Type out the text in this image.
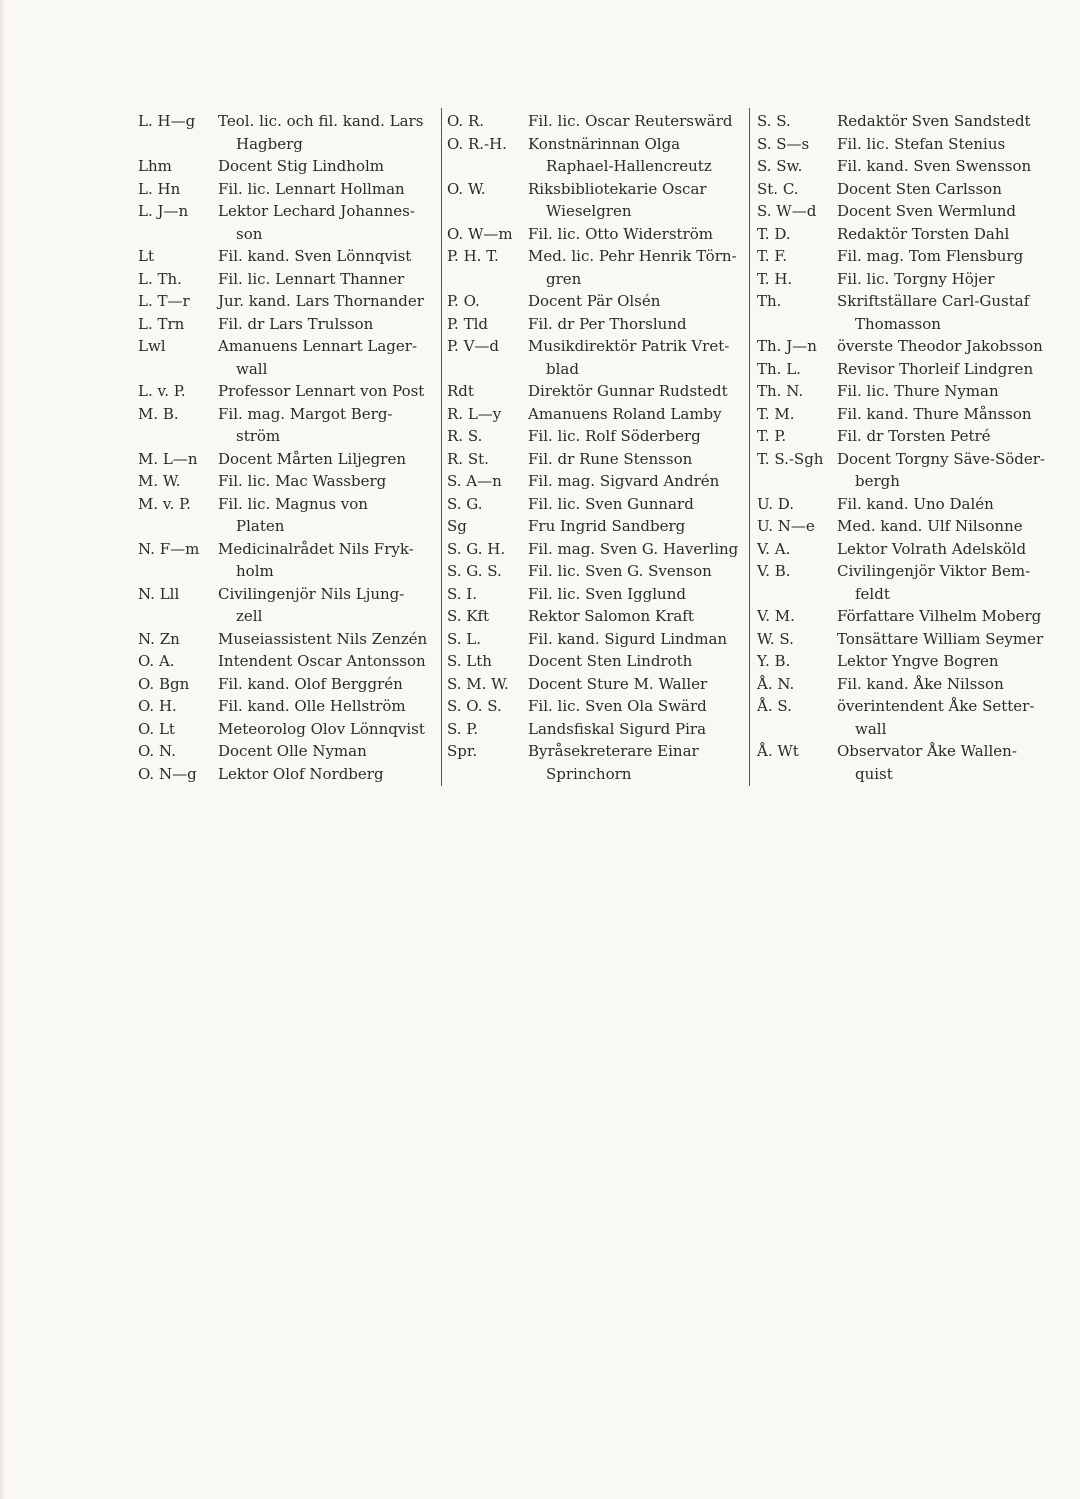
L. H—g	Teol. lic. och fil. kand. Lars
Hagberg
Lhm	Docent Stig Lindholm
L. Hn	Fil. lic. Lennart Hollman
L. J—n	Lektor Lechard Johannes-
son
Lt	Fil. kand. Sven Lönnqvist
L. Th.	Fil. lic. Lennart Thanner
L. T—r	Jur. kand. Lars Thornander
L. Trn	Fil. dr Lars Trulsson
Lwl	Amanuens Lennart Lager-
wall
L. v. P.	Professor Lennart von Post
M. B.	Fil. mag. Margot Berg-
ström
M. L—n	Docent Mårten Liljegren
M. W.	Fil. lic. Mac Wassberg
M. v. P.	Fil. lic. Magnus von
Platen
N. F—m	Medicinalrådet Nils Fryk-
holm
N. Lll	Civilingenjör Nils Ljung-
zell
N. Zn	Museiassistent Nils Zenzén
O. A.	Intendent Oscar Antonsson
O. Bgn	Fil. kand. Olof Berggrén
O. H.	Fil. kand. Olle Hellström
O. Lt	Meteorolog Olov Lönnqvist
O. N.	Docent Olle Nyman
O. N—g	Lektor Olof Nordberg
O. R.	Fil. lic. Oscar Reuterswärd
O. R.-H.	Konstnärinnan Olga
Raphael-Hallencreutz
O. W.	Riksbibliotekarie Oscar
Wieselgren
O. W—m	Fil. lic. Otto Widerström
P. H. T.	Med. lic. Pehr Henrik Törn-
gren
P. O.	Docent Pär Olsén
P. Tld	Fil. dr Per Thorslund
P. V—d	Musikdirektör Patrik Vret-
blad
Rdt	Direktör Gunnar Rudstedt
R. L—y	Amanuens Roland Lamby
R. S.	Fil. lic. Rolf Söderberg
R. St.	Fil. dr Rune Stensson
S. A—n	Fil. mag. Sigvard Andrén
S. G.	Fil. lic. Sven Gunnard
Sg	Fru Ingrid Sandberg
S. G. H.	Fil. mag. Sven G. Haverling
S. G. S.	Fil. lic. Sven G. Svenson
S. I.	Fil. lic. Sven Igglund
S. Kft	Rektor Salomon Kraft
S. L.	Fil. kand. Sigurd Lindman
S. Lth	Docent Sten Lindroth
S. M. W.	Docent Sture M. Waller
S. O. S.	Fil. lic. Sven Ola Swärd
S. P.	Landsfiskal Sigurd Pira
Spr.	Byråsekreterare Einar
Sprinchorn
S. S.	Redaktör Sven Sandstedt
S. S—s	Fil. lic. Stefan Stenius
S. Sw.	Fil. kand. Sven Swensson
St. C.	Docent Sten Carlsson
S. W—d	Docent Sven Wermlund
T. D.	Redaktör Torsten Dahl
T. F.	Fil. mag. Tom Flensburg
T. H.	Fil. lic. Torgny Höjer
Th.	Skriftställare Carl-Gustaf
Thomasson
Th. J—n	överste Theodor Jakobsson
Th. L.	Revisor Thorleif Lindgren
Th. N.	Fil. lic. Thure Nyman
T. M.	Fil. kand. Thure Månsson
T. P.	Fil. dr Torsten Petré
T. S.-Sgh Docent Torgny Säve-Söder-
bergh
U. D.	Fil. kand. Uno Dalén
U. N—e	Med. kand. Ulf Nilsonne
V. A.	Lektor Volrath Adelsköld
V. B.	Civilingenjör Viktor Bem-
feldt
V. M.	Författare Vilhelm Moberg
W. S.	Tonsättare William Seymer
Y. B.	Lektor Yngve Bogren
Å. N.	Fil. kand. Åke Nilsson
Å. S.	överintendent Åke Setter-
wall
Å. Wt	Observator Åke Wallen-
quist
